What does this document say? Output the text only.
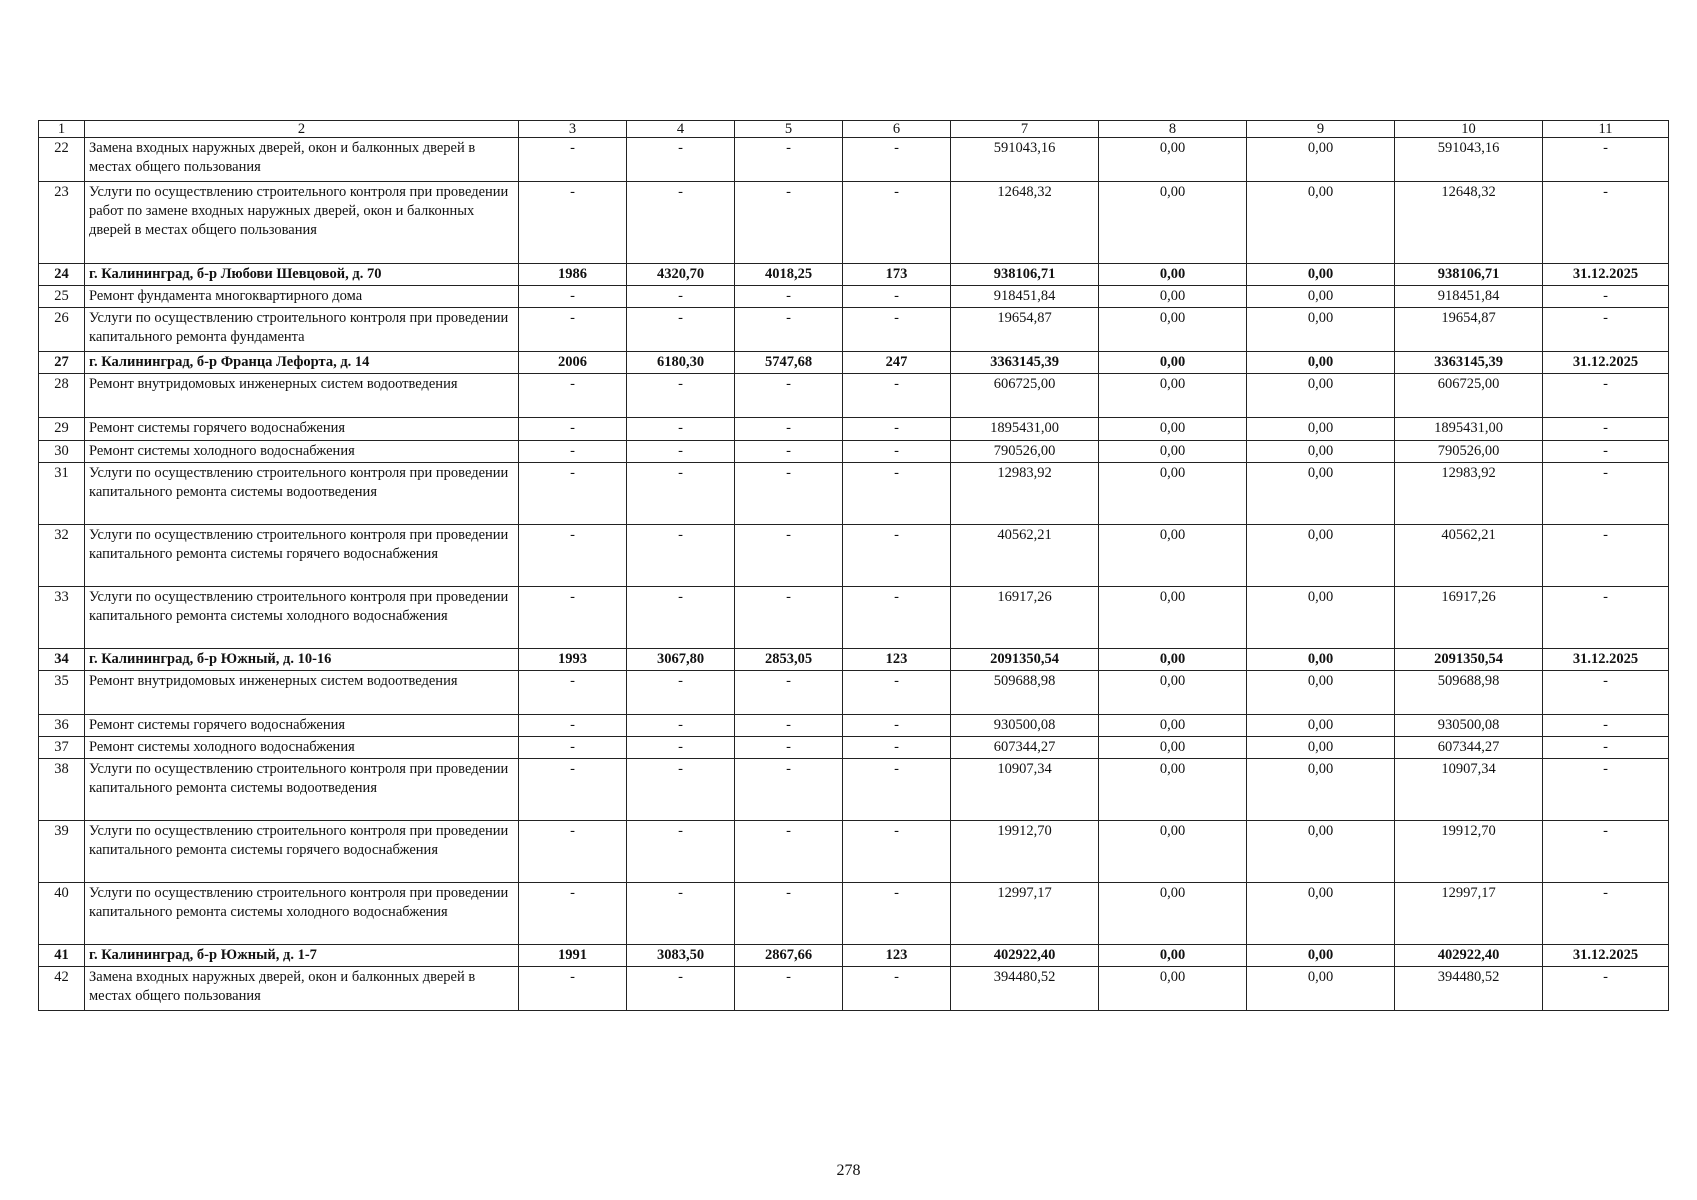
1	2	3	4	5	6	7	8	9	10	11
22	Замена входных наружных дверей, окон и балконных дверей в местах общего пользования	-	-	-	-	591043,16	0,00	0,00	591043,16	-
23	Услуги по осуществлению строительного контроля при проведении работ по замене входных наружных дверей, окон и балконных дверей в местах общего пользования	-	-	-	-	12648,32	0,00	0,00	12648,32	-
24	г. Калининград, б-р Любови Шевцовой, д. 70	1986	4320,70	4018,25	173	938106,71	0,00	0,00	938106,71	31.12.2025
25	Ремонт фундамента многоквартирного дома	-	-	-	-	918451,84	0,00	0,00	918451,84	-
26	Услуги по осуществлению строительного контроля при проведении капитального ремонта фундамента	-	-	-	-	19654,87	0,00	0,00	19654,87	-
27	г. Калининград, б-р Франца Лефорта, д. 14	2006	6180,30	5747,68	247	3363145,39	0,00	0,00	3363145,39	31.12.2025
28	Ремонт внутридомовых инженерных систем водоотведения	-	-	-	-	606725,00	0,00	0,00	606725,00	-
29	Ремонт системы горячего водоснабжения	-	-	-	-	1895431,00	0,00	0,00	1895431,00	-
30	Ремонт системы холодного водоснабжения	-	-	-	-	790526,00	0,00	0,00	790526,00	-
31	Услуги по осуществлению строительного контроля при проведении капитального ремонта системы водоотведения	-	-	-	-	12983,92	0,00	0,00	12983,92	-
32	Услуги по осуществлению строительного контроля при проведении капитального ремонта системы горячего водоснабжения	-	-	-	-	40562,21	0,00	0,00	40562,21	-
33	Услуги по осуществлению строительного контроля при проведении капитального ремонта системы холодного водоснабжения	-	-	-	-	16917,26	0,00	0,00	16917,26	-
34	г. Калининград, б-р Южный, д. 10-16	1993	3067,80	2853,05	123	2091350,54	0,00	0,00	2091350,54	31.12.2025
35	Ремонт внутридомовых инженерных систем водоотведения	-	-	-	-	509688,98	0,00	0,00	509688,98	-
36	Ремонт системы горячего водоснабжения	-	-	-	-	930500,08	0,00	0,00	930500,08	-
37	Ремонт системы холодного водоснабжения	-	-	-	-	607344,27	0,00	0,00	607344,27	-
38	Услуги по осуществлению строительного контроля при проведении капитального ремонта системы водоотведения	-	-	-	-	10907,34	0,00	0,00	10907,34	-
39	Услуги по осуществлению строительного контроля при проведении капитального ремонта системы горячего водоснабжения	-	-	-	-	19912,70	0,00	0,00	19912,70	-
40	Услуги по осуществлению строительного контроля при проведении капитального ремонта системы холодного водоснабжения	-	-	-	-	12997,17	0,00	0,00	12997,17	-
41	г. Калининград, б-р Южный, д. 1-7	1991	3083,50	2867,66	123	402922,40	0,00	0,00	402922,40	31.12.2025
42	Замена входных наружных дверей, окон и балконных дверей в местах общего пользования	-	-	-	-	394480,52	0,00	0,00	394480,52	-
278
